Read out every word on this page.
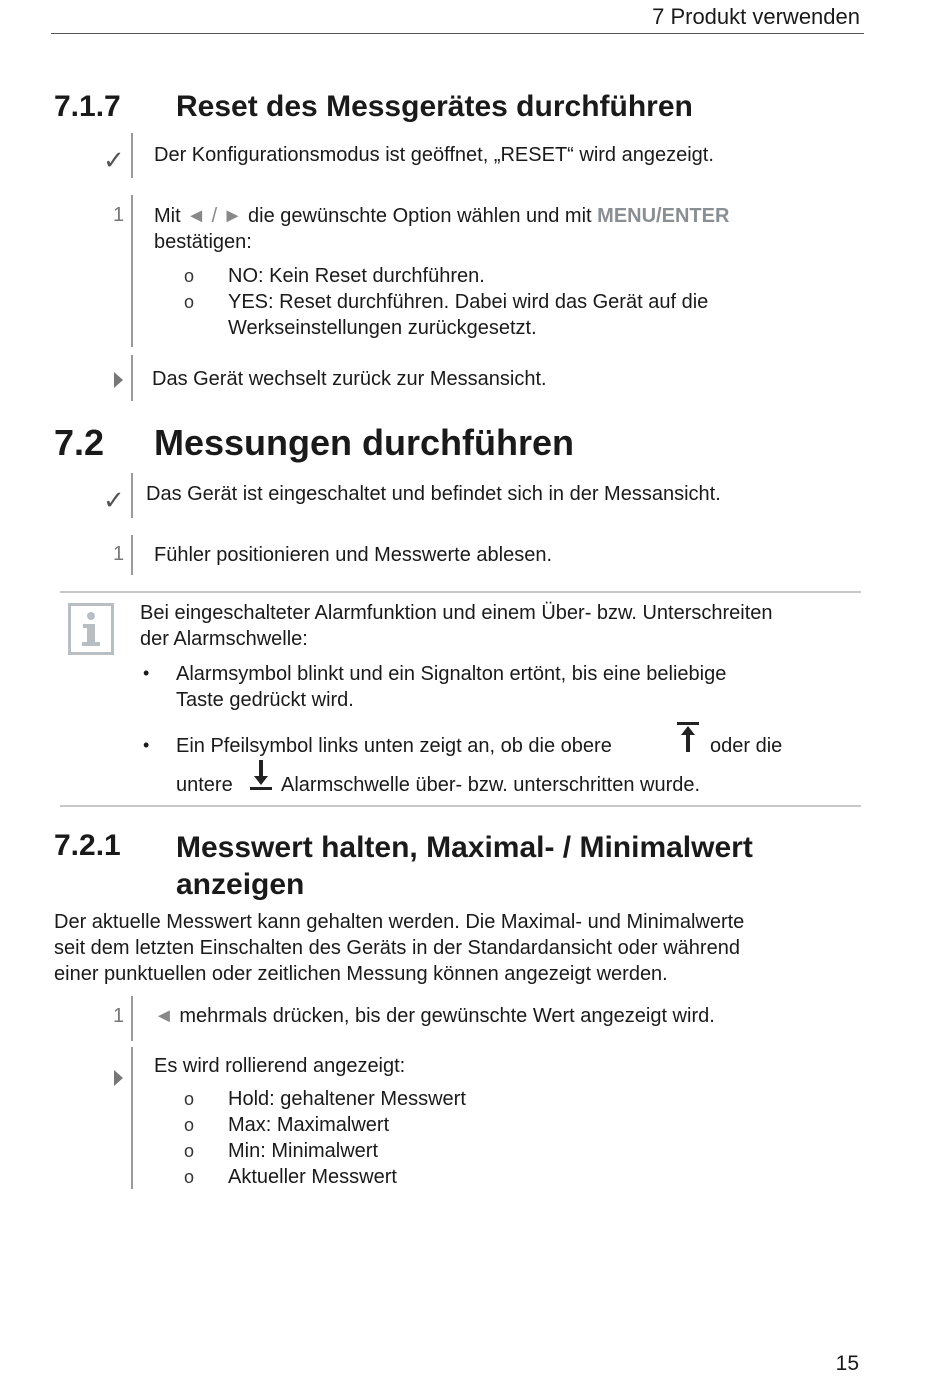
7 Produkt verwenden
7.1.7 Reset des Messgerätes durchführen
✓ Der Konfigurationsmodus ist geöffnet, „RESET“ wird angezeigt.
1 Mit ◄ / ► die gewünschte Option wählen und mit MENU/ENTER
bestätigen:
o NO: Kein Reset durchführen.
o YES: Reset durchführen. Dabei wird das Gerät auf die
Werkseinstellungen zurückgesetzt.
Das Gerät wechselt zurück zur Messansicht.
7.2 Messungen durchführen
✓ Das Gerät ist eingeschaltet und befindet sich in der Messansicht.
1 Fühler positionieren und Messwerte ablesen.
Bei eingeschalteter Alarmfunktion und einem Über- bzw. Unterschreiten
der Alarmschwelle:
• Alarmsymbol blinkt und ein Signalton ertönt, bis eine beliebige
Taste gedrückt wird.
• Ein Pfeilsymbol links unten zeigt an, ob die obere	oder die
untere Alarmschwelle über- bzw. unterschritten wurde.
7.2.1 Messwert halten, Maximal- / Minimalwert
anzeigen
Der aktuelle Messwert kann gehalten werden. Die Maximal- und Minimalwerte
seit dem letzten Einschalten des Geräts in der Standardansicht oder während
einer punktuellen oder zeitlichen Messung können angezeigt werden.
1 ◄ mehrmals drücken, bis der gewünschte Wert angezeigt wird.
Es wird rollierend angezeigt:
o Hold: gehaltener Messwert
o Max: Maximalwert
o Min: Minimalwert
o Aktueller Messwert
15
